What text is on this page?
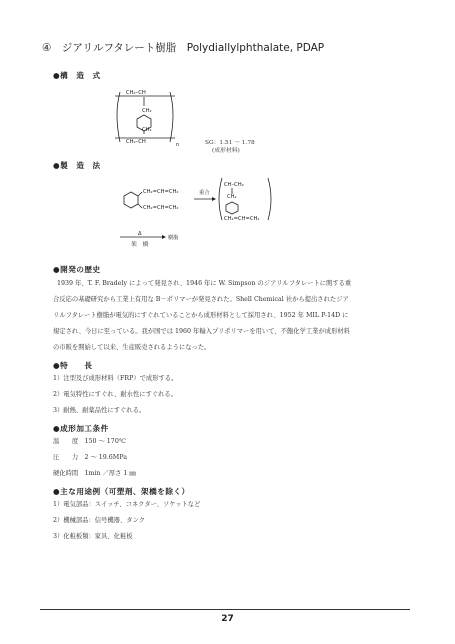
④　ジアリルフタレート樹脂　Polydiallylphthalate, PDAP
●構　造　式
CH₂–CH
CH₂
CH₂
CH₂–CH	n	SG：1.51 ～ 1.78
(成形材料)
●製　造　法
CH₂=CH=CH₂
CH₂=CH=CH₂
重合
CH–CH₂
CH₂
CH₂=CH=CH₂
Δ
樹脂
架　橋
●開発の歴史
1939 年、T. F. Bradely によって発見され、1946 年に W. Simpson のジアリルフタレートに関する重
合反応の基礎研究から工業上有用な B－ポリマーが発見された。Shell Chemical 社から提出されたジア
リルフタレート樹脂が電気的にすぐれていることから成形材料として採用され、1952 年 MIL P-14D に
規定され、今日に至っている。我が国では 1960 年輸入プリポリマーを用いて、不飽化学工業が成形材料
の市販を開始して以来、生産販売されるようになった。
●特　　長
1）注型及び成形材料（FRP）で成形する。
2）電気特性にすぐれ、耐水性にすぐれる。
3）耐熱、耐薬品性にすぐれる。
●成形加工条件
温　　度　150 ～ 170℃
圧　　力　2 ～ 19.6MPa
硬化時間　1min ／厚さ 1 ㎜
●主な用途例（可塑剤、架橋を除く）
1）電気部品：スイッチ、コネクター、ソケットなど
2）機械部品：信号機器、タンク
3）化粧板類：家具、化粧板
27
